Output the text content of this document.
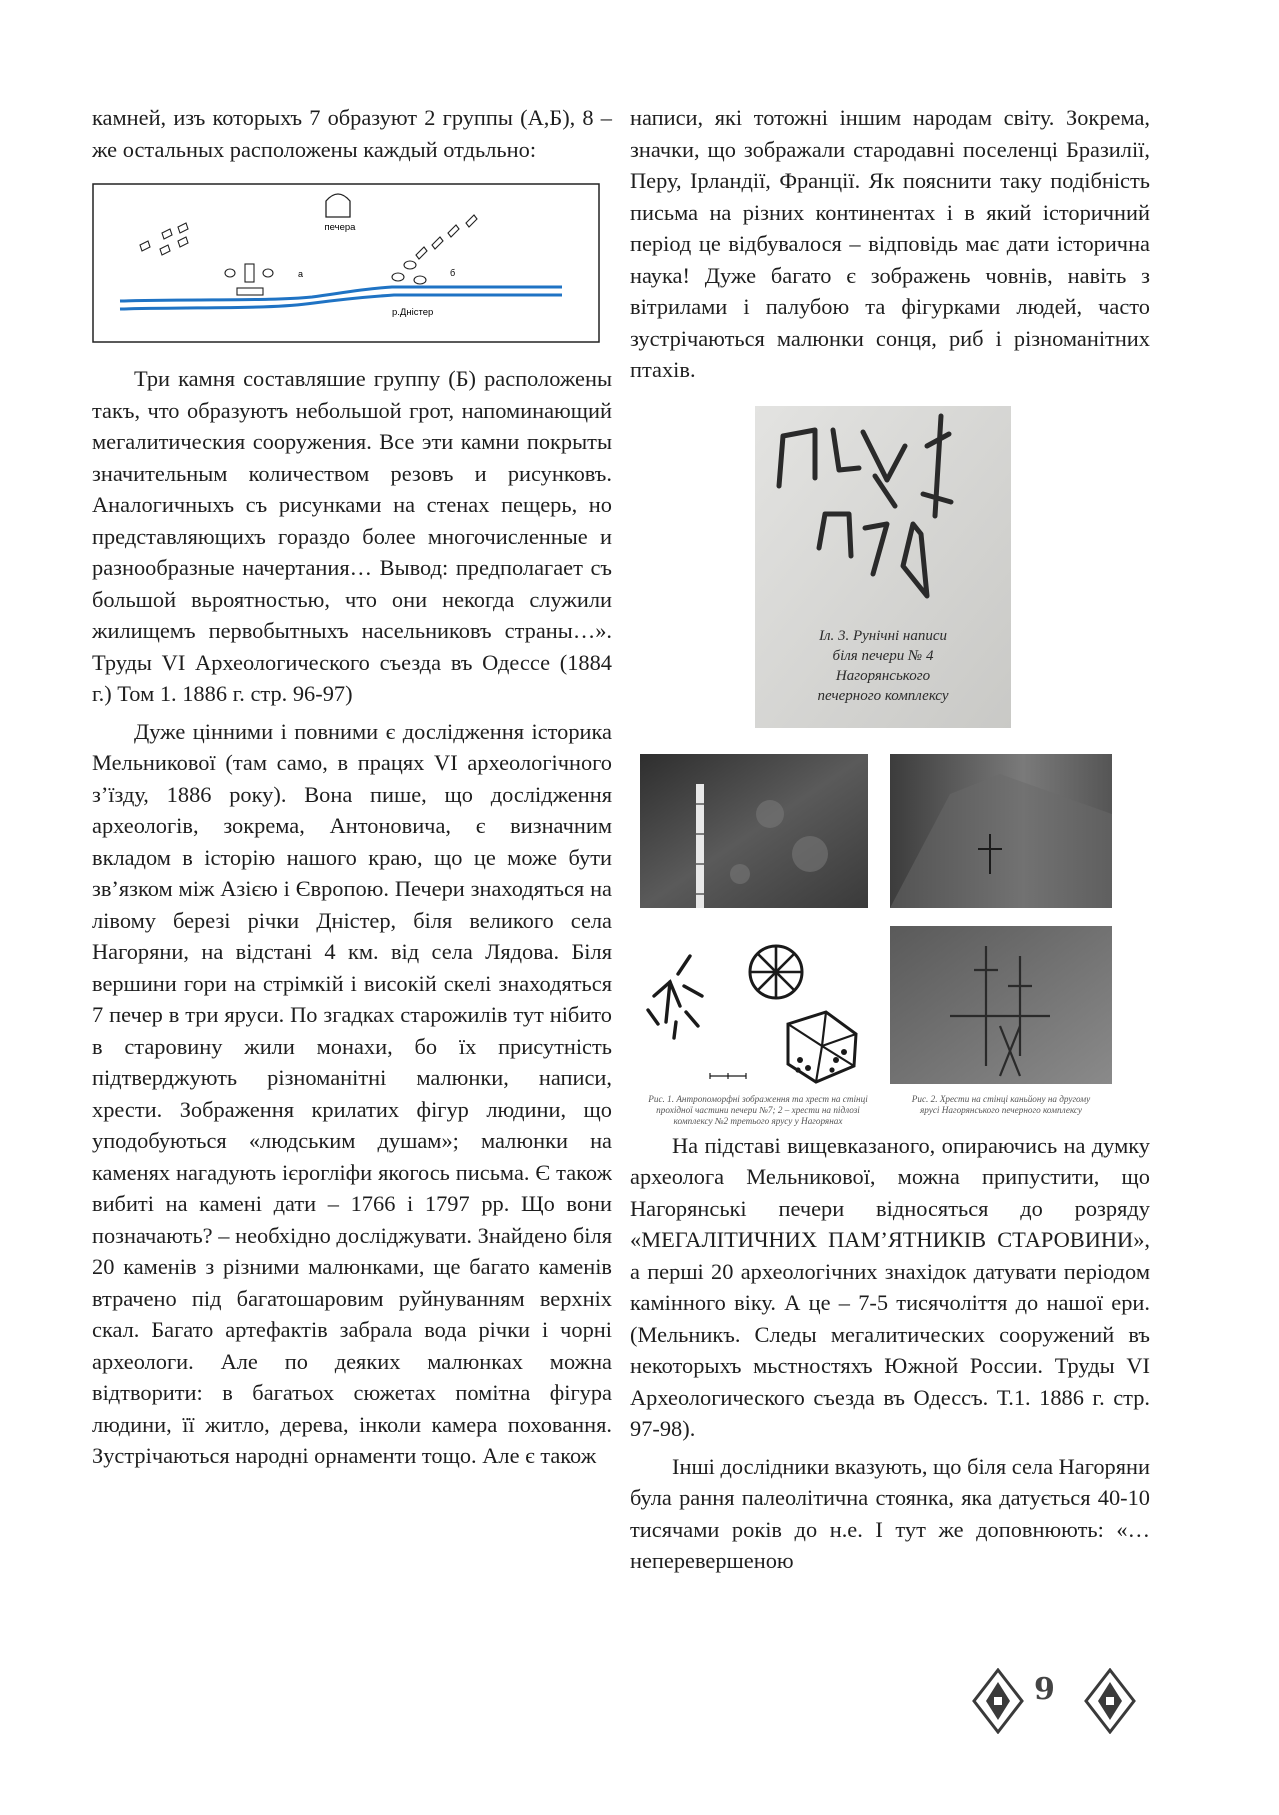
камней, изъ которыхъ 7 образуют 2 группы (А,Б), 8 – же остальных расположены каждый отдьльно:

печера
а	б
р.Дністер

Три камня составляшие группу (Б) расположены такъ, что образуютъ небольшой грот, напоминающий мегалитическия сооружения. Все эти камни покрыты значительным количеством резовъ и рисунковъ. Аналогичныхъ съ рисунками на стенах пещерь, но представляющихъ гораздо более многочисленные и разнообразные начертания… Вывод: предполагает съ большой вьроятностью, что они некогда служили жилищемъ первобытныхъ насельниковъ страны…». Труды VI Археологического съезда въ Одессе (1884 г.) Том 1. 1886 г. стр. 96-97)

Дуже цінними і повними є дослідження історика Мельникової (там само, в працях VI археологічного з’їзду, 1886 року). Вона пише, що дослідження археологів, зокрема, Антоновича, є визначним вкладом в історію нашого краю, що це може бути зв’язком між Азією і Європою. Печери знаходяться на лівому березі річки Дністер, біля великого села Нагоряни, на відстані 4 км. від села Лядова. Біля вершини гори на стрімкій і високій скелі знаходяться 7 печер в три яруси. По згадках старожилів тут нібито в старовину жили монахи, бо їх присутність підтверджують різноманітні малюнки, написи, хрести. Зображення крилатих фігур людини, що уподобуються «людським душам»; малюнки на каменях нагадують ієрогліфи якогось письма. Є також вибиті на камені дати – 1766 і 1797 рр. Що вони позначають? – необхідно досліджувати. Знайдено біля 20 каменів з різними малюнками, ще багато каменів втрачено під багатошаровим руйнуванням верхніх скал. Багато артефактів забрала вода річки і чорні археологи. Але по деяких малюнках можна відтворити: в багатьох сюжетах помітна фігура людини, її житло, дерева, інколи камера поховання. Зустрічаються народні орнаменти тощо. Але є також

написи, які тотожні іншим народам світу. Зокрема, значки, що зображали стародавні поселенці Бразилії, Перу, Ірландії, Франції. Як пояснити таку подібність письма на різних континентах і в який історичний період це відбувалося – відповідь має дати історична наука! Дуже багато є зображень човнів, навіть з вітрилами і палубою та фігурками людей, часто зустрічаються малюнки сонця, риб і різноманітних птахів.

Іл. 3. Рунічні написи
біля печери № 4
Нагорянського
печерного комплексу
Рис. 1. Антропоморфні зображення та хрест на стінці
прохідної частини печери №7; 2 – хрести на підлозі
комплексу №2 третього ярусу у Нагорянах
Рис. 2. Хрести на стінці каньйону на другому
ярусі Нагорянського печерного комплексу

На підставі вищевказаного, опираючись на думку археолога Мельникової, можна припустити, що Нагорянські печери відносяться до розряду «МЕГАЛІТИЧНИХ ПАМ’ЯТНИКІВ СТАРОВИНИ», а перші 20 археологічних знахідок датувати періодом камінного віку. А це – 7-5 тисячоліття до нашої ери. (Мельникъ. Следы мегалитических сооружений въ некоторыхъ мьстностяхъ Южной России. Труды VI Археологического съезда въ Одессъ. Т.1. 1886 г. стр. 97-98).

Інші дослідники вказують, що біля села Нагоряни була рання палеолітична стоянка, яка датується 40-10 тисячами років до н.е. І тут же доповнюють: «…неперевершеною

9
